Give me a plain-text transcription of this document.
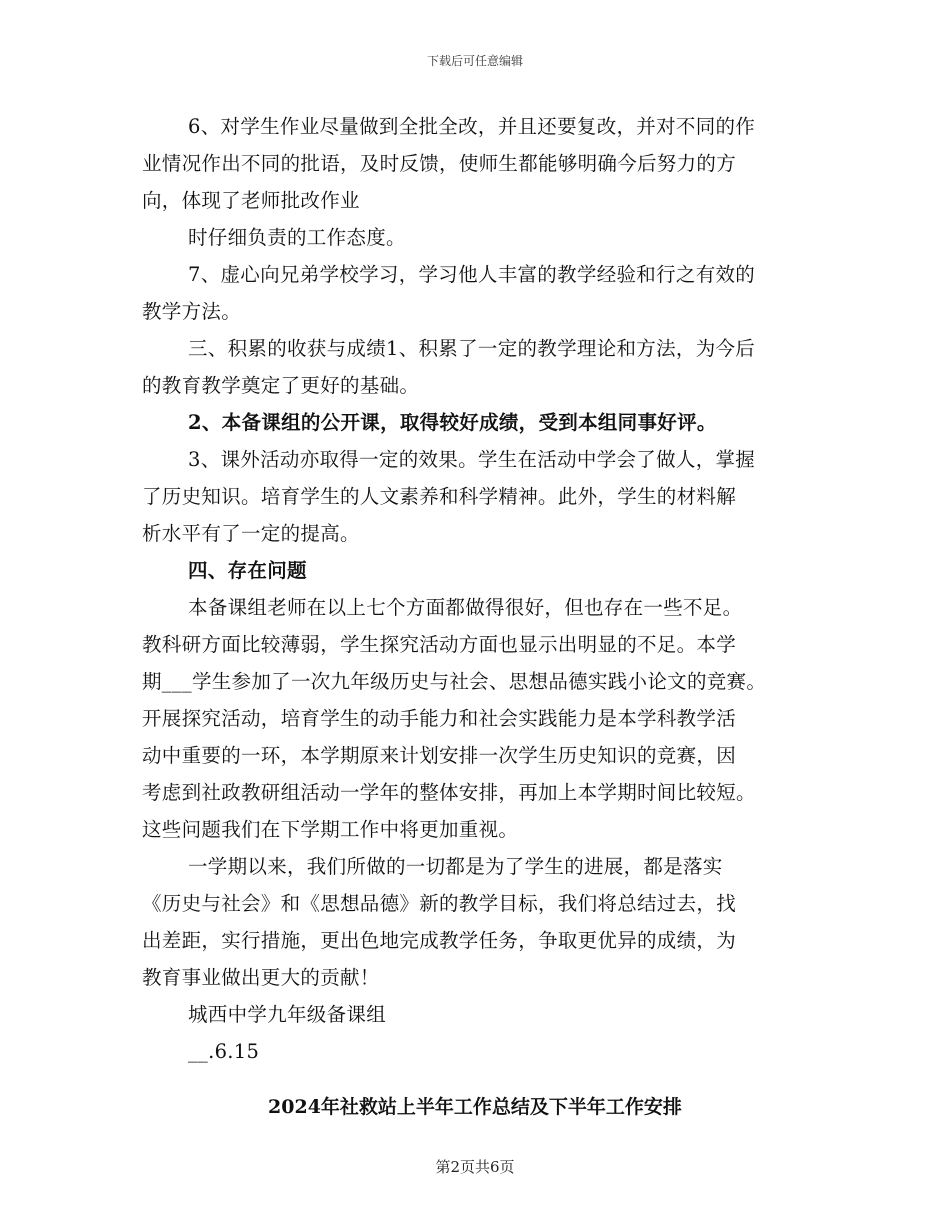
下载后可任意编辑
6、对学生作业尽量做到全批全改，并且还要复改，并对不同的作
业情况作出不同的批语，及时反馈，使师生都能够明确今后努力的方
向，体现了老师批改作业
时仔细负责的工作态度。
7、虚心向兄弟学校学习，学习他人丰富的教学经验和行之有效的
教学方法。
三、积累的收获与成绩1、积累了一定的教学理论和方法，为今后
的教育教学奠定了更好的基础。
2、本备课组的公开课，取得较好成绩，受到本组同事好评。
3、课外活动亦取得一定的效果。学生在活动中学会了做人，掌握
了历史知识。培育学生的人文素养和科学精神。此外，学生的材料解
析水平有了一定的提高。
四、存在问题
本备课组老师在以上七个方面都做得很好，但也存在一些不足。
教科研方面比较薄弱，学生探究活动方面也显示出明显的不足。本学
期___学生参加了一次九年级历史与社会、思想品德实践小论文的竞赛。
开展探究活动，培育学生的动手能力和社会实践能力是本学科教学活
动中重要的一环，本学期原来计划安排一次学生历史知识的竞赛，因
考虑到社政教研组活动一学年的整体安排，再加上本学期时间比较短。
这些问题我们在下学期工作中将更加重视。
一学期以来，我们所做的一切都是为了学生的进展，都是落实
《历史与社会》和《思想品德》新的教学目标，我们将总结过去，找
出差距，实行措施，更出色地完成教学任务，争取更优异的成绩，为
教育事业做出更大的贡献！
城西中学九年级备课组
__.6.15
2024年社救站上半年工作总结及下半年工作安排
第2页共6页
